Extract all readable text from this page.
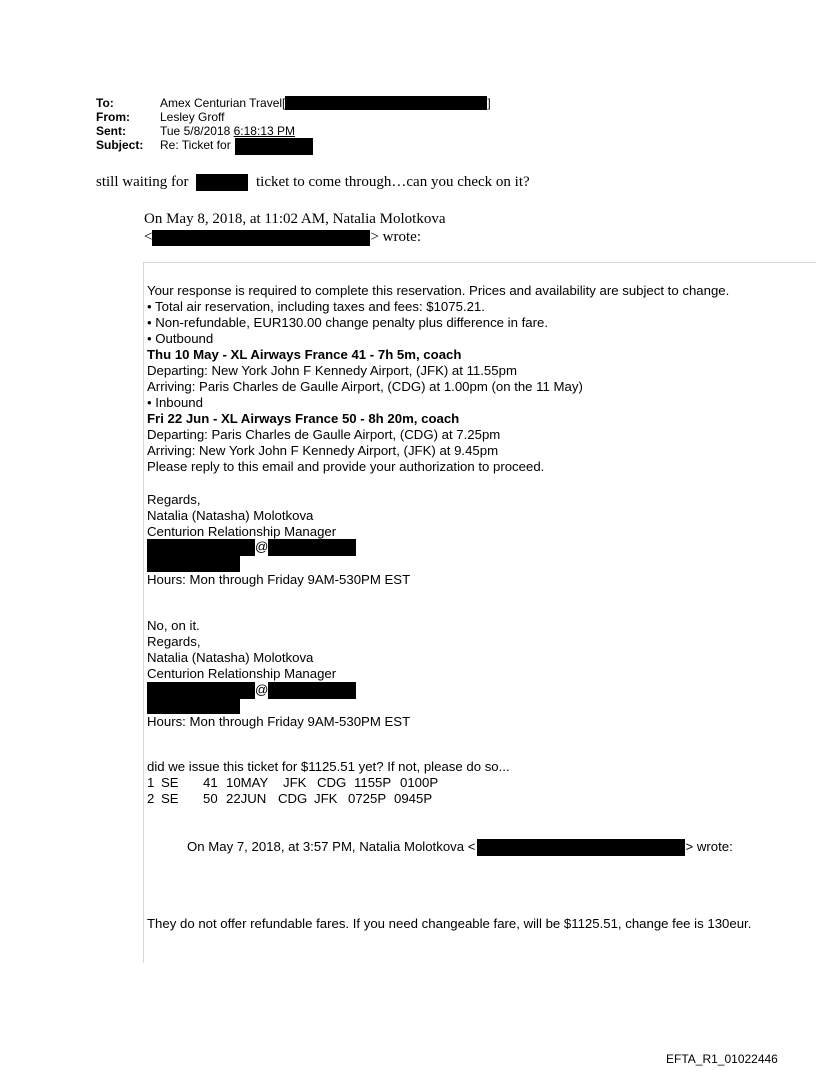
To:	Amex Centurian Travel[	]
From:	Lesley Groff
Sent:	Tue 5/8/2018 6:18:13 PM
Subject:	Re: Ticket for
still waiting for	ticket to come through…can you check on it?
On May 8, 2018, at 11:02 AM, Natalia Molotkova
<	> wrote:
Your response is required to complete this reservation. Prices and availability are subject to change.
• Total air reservation, including taxes and fees: $1075.21.
• Non-refundable, EUR130.00 change penalty plus difference in fare.
• Outbound
Thu 10 May - XL Airways France 41 - 7h 5m, coach
Departing: New York John F Kennedy Airport, (JFK) at 11.55pm
Arriving: Paris Charles de Gaulle Airport, (CDG) at 1.00pm (on the 11 May)
• Inbound
Fri 22 Jun - XL Airways France 50 - 8h 20m, coach
Departing: Paris Charles de Gaulle Airport, (CDG) at 7.25pm
Arriving: New York John F Kennedy Airport, (JFK) at 9.45pm
Please reply to this email and provide your authorization to proceed.
Regards,
Natalia (Natasha) Molotkova
Centurion Relationship Manager
@
Hours: Mon through Friday 9AM-530PM EST
No, on it.
Regards,
Natalia (Natasha) Molotkova
Centurion Relationship Manager
@
Hours: Mon through Friday 9AM-530PM EST
did we issue this ticket for $1125.51 yet? If not, please do so...
1 SE	41 10MAY	JFK CDG 1155P 0100P
2 SE	50 22JUN CDG JFK 0725P 0945P
On May 7, 2018, at 3:57 PM, Natalia Molotkova <	> wrote:
They do not offer refundable fares. If you need changeable fare, will be $1125.51, change fee is 130eur.
EFTA_R1_01022446
